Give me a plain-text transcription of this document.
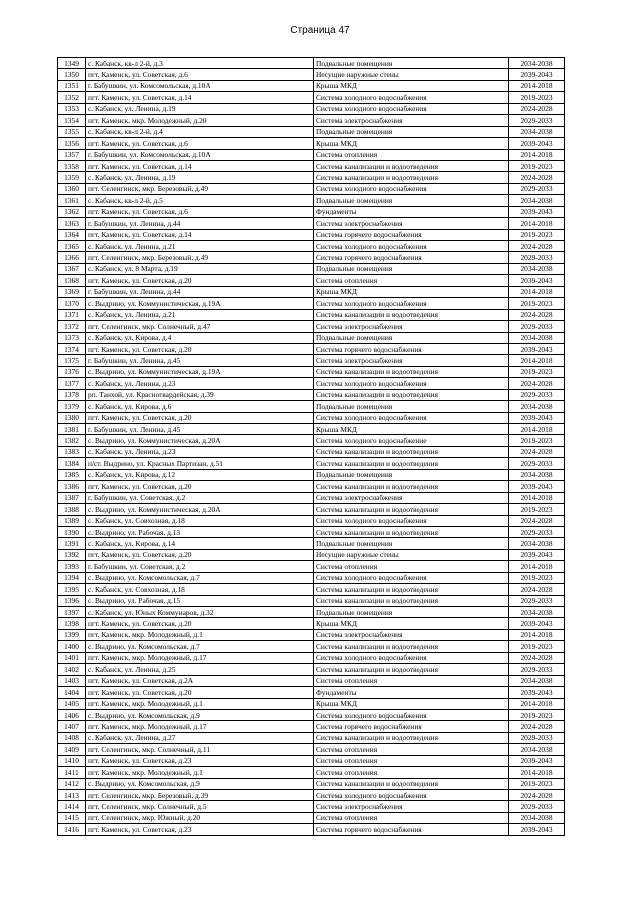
Страница 47
1349	с. Кабанск, кв-л 2-й, д.3	Подвальные помещения	2034-2038
1350	пгт. Каменск, ул. Советская, д.6	Несущие наружные стены	2039-2043
1351	г. Бабушкин, ул. Комсомольская, д.10А	Крыша МКД	2014-2018
1352	пгт. Каменск, ул. Советская, д.14	Система холодного водоснабжения	2019-2023
1353	с. Кабанск, ул. Ленина, д.19	Система холодного водоснабжения	2024-2028
1354	пгт. Каменск, мкр. Молодежный, д.20	Система электроснабжения	2029-2033
1355	с. Кабанск, кв-л 2-й, д.4	Подвальные помещения	2034-2038
1356	пгт. Каменск, ул. Советская, д.6	Крыша МКД	2039-2043
1357	г. Бабушкин, ул. Комсомольская, д.10А	Система отопления	2014-2018
1358	пгт. Каменск, ул. Советская, д.14	Система канализации и водоотведения	2019-2023
1359	с. Кабанск, ул. Ленина, д.19	Система канализации и водоотведения	2024-2028
1360	пгт. Селенгинск, мкр. Березовый, д.49	Система холодного водоснабжения	2029-2033
1361	с. Кабанск, кв-л 2-й, д.5	Подвальные помещения	2034-2038
1362	пгт. Каменск, ул. Советская, д.6	Фундаменты	2039-2043
1363	г. Бабушкин, ул. Ленина, д.44	Система электроснабжения	2014-2018
1364	пгт. Каменск, ул. Советская, д.14	Система горячего водоснабжения	2019-2023
1365	с. Кабанск, ул. Ленина, д.21	Система холодного водоснабжения	2024-2028
1366	пгт. Селенгинск, мкр. Березовый, д.49	Система горячего водоснабжения	2029-2033
1367	с. Кабанск, ул. 8 Марта, д.19	Подвальные помещения	2034-2038
1368	пгт. Каменск, ул. Советская, д.20	Система отопления	2039-2043
1369	г. Бабушкин, ул. Ленина, д.44	Крыша МКД	2014-2018
1370	с. Выдрино, ул. Коммунистическая, д.19А	Система холодного водоснабжения	2019-2023
1371	с. Кабанск, ул. Ленина, д.21	Система канализации и водоотведения	2024-2028
1372	пгт. Селенгинск, мкр. Солнечный, д.47	Система электроснабжения	2029-2033
1373	с. Кабанск, ул. Кирова, д.4	Подвальные помещения	2034-2038
1374	пгт. Каменск, ул. Советская, д.20	Система горячего водоснабжения	2039-2043
1375	г. Бабушкин, ул. Ленина, д.45	Система электроснабжения	2014-2018
1376	с. Выдрино, ул. Коммунистическая, д.19А	Система канализации и водоотведения	2019-2023
1377	с. Кабанск, ул. Ленина, д.23	Система холодного водоснабжения	2024-2028
1378	рп. Танхой, ул. Красногвардейская, д.39	Система канализации и водоотведения	2029-2033
1379	с. Кабанск, ул. Кирова, д.6	Подвальные помещения	2034-2038
1380	пгт. Каменск, ул. Советская, д.20	Система холодного водоснабжения	2039-2043
1381	г. Бабушкин, ул. Ленина, д.45	Крыша МКД	2014-2018
1382	с. Выдрино, ул. Коммунистическая, д.20А	Система холодного водоснабжение	2019-2023
1383	с. Кабанск, ул. Ленина, д.23	Система канализации и водоотведения	2024-2028
1384	п/ст. Выдрино, ул. Красных Партизан, д.51	Система канализации и водоотведения	2029-2033
1385	с. Кабанск, ул. Кирова, д.12	Подвальные помещения	2034-2038
1386	пгт. Каменск, ул. Советская, д.20	Система канализации и водоотведения	2039-2043
1387	г. Бабушкин, ул. Советская, д.2	Система электроснабжения	2014-2018
1388	с. Выдрино, ул. Коммунистическая, д.20А	Система канализации и водоотведения	2019-2023
1389	с. Кабанск, ул. Совхозная, д.18	Система холодного водоснабжения	2024-2028
1390	с. Выдрино, ул. Рабочая, д.13	Система канализации и водоотведения	2029-2033
1391	с. Кабанск, ул. Кирова, д.14	Подвальные помещения	2034-2038
1392	пгт. Каменск, ул. Советская, д.20	Несущие наружные стены	2039-2043
1393	г. Бабушкин, ул. Советская, д.2	Система отопления	2014-2018
1394	с. Выдрино, ул. Комсомольская, д.7	Система холодного водоснабжения	2019-2023
1395	с. Кабанск, ул. Совхозная, д.18	Система канализации и водоотведения	2024-2028
1396	с. Выдрино, ул. Рабочая, д.15	Система канализации и водоотведения	2029-2033
1397	с. Кабанск, ул. Юных Коммунаров, д.32	Подвальные помещения	2034-2038
1398	пгт. Каменск, ул. Советская, д.20	Крыша МКД	2039-2043
1399	пгт. Каменск, мкр. Молодежный, д.1	Система электроснабжения	2014-2018
1400	с. Выдрино, ул. Комсомольская, д.7	Система канализации и водоотведения	2019-2023
1401	пгт. Каменск, мкр. Молодежный, д.17	Система холодного водоснабжения	2024-2028
1402	с. Кабанск, ул. Ленина, д.25	Система канализации и водоотведения	2029-2033
1403	пгт. Каменск, ул. Советская, д.2А	Система отопления	2034-2038
1404	пгт. Каменск, ул. Советская, д.20	Фундаменты	2039-2043
1405	пгт. Каменск, мкр. Молодежный, д.1	Крыша МКД	2014-2018
1406	с. Выдрино, ул. Комсомольская, д.9	Система холодного водоснабжения	2019-2023
1407	пгт. Каменск, мкр. Молодежный, д.17	Система горячего водоснабжения	2024-2028
1408	с. Кабанск, ул. Ленина, д.27	Система канализации и водоотведения	2029-2033
1409	пгт. Селенгинск, мкр. Солнечный, д.11	Система отопления	2034-2038
1410	пгт. Каменск, ул. Советская, д.23	Система отопления	2039-2043
1411	пгт. Каменск, мкр. Молодежный, д.1	Система отопления	2014-2018
1412	с. Выдрино, ул. Комсомольская, д.9	Система канализации и водоотведения	2019-2023
1413	пгт. Селенгинск, мкр. Березовый, д.39	Система холодного водоснабжения	2024-2028
1414	пгт. Селенгинск, мкр. Солнечный, д.5	Система электроснабжения	2029-2033
1415	пгт. Селенгинск, мкр. Южный, д.20	Система отопления	2034-2038
1416	пгт. Каменск, ул. Советская, д.23	Система горячего водоснабжения	2039-2043
